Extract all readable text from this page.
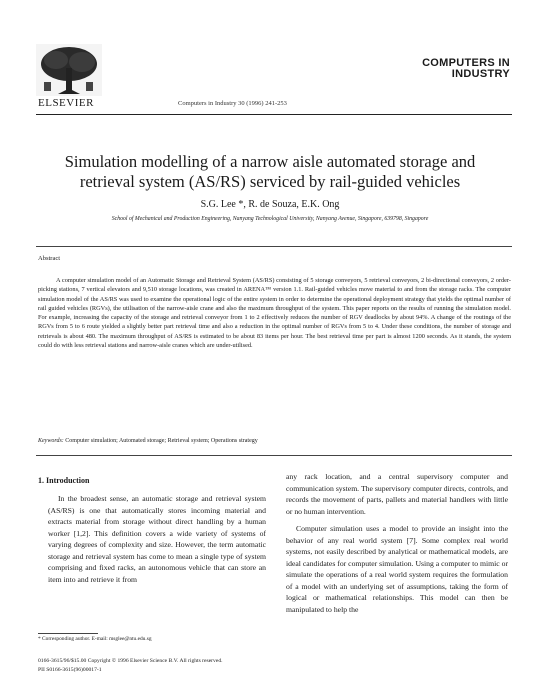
ELSEVIER	Computers in Industry 30 (1996) 241-253
COMPUTERS IN
INDUSTRY
Simulation modelling of a narrow aisle automated storage and
retrieval system (AS/RS) serviced by rail-guided vehicles
S.G. Lee *, R. de Souza, E.K. Ong
School of Mechanical and Production Engineering, Nanyang Technological University, Nanyang Avenue, Singapore, 639798, Singapore
Abstract
A computer simulation model of an Automatic Storage and Retrieval System (AS/RS) consisting of 5 storage conveyors, 5 retrieval conveyors, 2 bi-directional conveyors, 2 order-picking stations, 7 vertical elevators and 9,510 storage locations, was created in ARENA™ version 1.1. Rail-guided vehicles move material to and from the storage racks. The computer simulation model of the AS/RS was used to examine the operational logic of the entire system in order to determine the operational deployment strategy that yields the optimal number of rail guided vehicles (RGVs), the utilisation of the narrow-aisle crane and also the maximum throughput of the system. This paper reports on the results of running the simulation model. For example, increasing the capacity of the storage and retrieval conveyor from 1 to 2 effectively reduces the number of RGV deadlocks by about 94%. A change of the routings of the RGVs from 5 to 6 route yielded a slightly better part retrieval time and also a reduction in the optimal number of RGVs from 5 to 4. Under these conditions, the number of storage and retrievals is about 480. The maximum throughput of AS/RS is estimated to be about 83 items per hour. The best retrieval time per part is almost 1200 seconds. As it stands, the system could do with less retrieval stations and narrow-aisle cranes which are under-utilised.
Keywords: Computer simulation; Automated storage; Retrieval system; Operations strategy
1. Introduction
In the broadest sense, an automatic storage and retrieval system (AS/RS) is one that automatically stores incoming material and extracts material from storage without direct handling by a human worker [1,2]. This definition covers a wide variety of systems of varying degrees of complexity and size. However, the term automatic storage and retrieval system has come to mean a single type of system comprising and fixed racks, an autonomous vehicle that can store an item into and retrieve it from

any rack location, and a central supervisory computer and communication system. The supervisory computer directs, controls, and records the movement of parts, pallets and material handlers with little or no human intervention.

Computer simulation uses a model to provide an insight into the behavior of any real world system [7]. Some complex real world systems, not easily described by analytical or mathematical models, are ideal candidates for computer simulation. Using a computer to mimic or simulate the operations of a real world system requires the formulation of a model with an underlying set of assumptions, taking the form of logical or mathematical relationships. This model can then be manipulated to help the

* Corresponding author. E-mail: msglee@ntu.edu.sg
0166-3615/96/$15.00 Copyright © 1996 Elsevier Science B.V. All rights reserved.
PII S0166-3615(96)00017-1
